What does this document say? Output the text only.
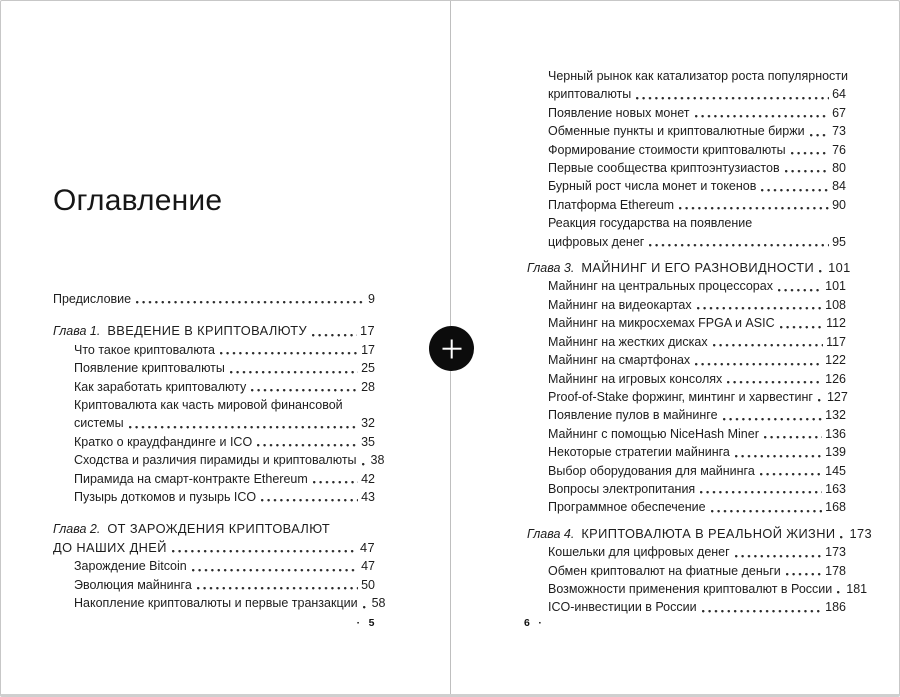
Оглавление
Предисловие	9
Глава 1. ВВЕДЕНИЕ В КРИПТОВАЛЮТУ	17
Что такое криптовалюта	17
Появление криптовалюты	25
Как заработать криптовалюту	28
Криптовалюта как часть мировой финансовой
системы	32
Кратко о краудфандинге и ICO	35
Сходства и различия пирамиды и криптовалюты 38
Пирамида на смарт-контракте Ethereum	42
Пузырь доткомов и пузырь ICO	43
Глава 2. ОТ ЗАРОЖДЕНИЯ КРИПТОВАЛЮТ
ДО НАШИХ ДНЕЙ	47
Зарождение Bitcoin	47
Эволюция майнинга	50
Накопление криптовалюты и первые транзакции 58
· 5
Черный рынок как катализатор роста популярности
криптовалюты	64
Появление новых монет	67
Обменные пункты и криптовалютные биржи 73
Формирование стоимости криптовалюты	76
Первые сообщества криптоэнтузиастов	80
Бурный рост числа монет и токенов	84
Платформа Ethereum	90
Реакция государства на появление
цифровых денег	95
Глава 3. МАЙНИНГ И ЕГО РАЗНОВИДНОСТИ 101
Майнинг на центральных процессорах	101
Майнинг на видеокартах	108
Майнинг на микросхемах FPGA и ASIC	112
Майнинг на жестких дисках	117
Майнинг на смартфонах	122
Майнинг на игровых консолях	126
Proof-of-Stake форжинг, минтинг и харвестинг 127
Появление пулов в майнинге	132
Майнинг с помощью NiceHash Miner	136
Некоторые стратегии майнинга	139
Выбор оборудования для майнинга	145
Вопросы электропитания	163
Программное обеспечение	168
Глава 4. КРИПТОВАЛЮТА В РЕАЛЬНОЙ ЖИЗНИ 173
Кошельки для цифровых денег	173
Обмен криптовалют на фиатные деньги	178
Возможности применения криптовалют в России 181
ICO-инвестиции в России	186
6 ·
